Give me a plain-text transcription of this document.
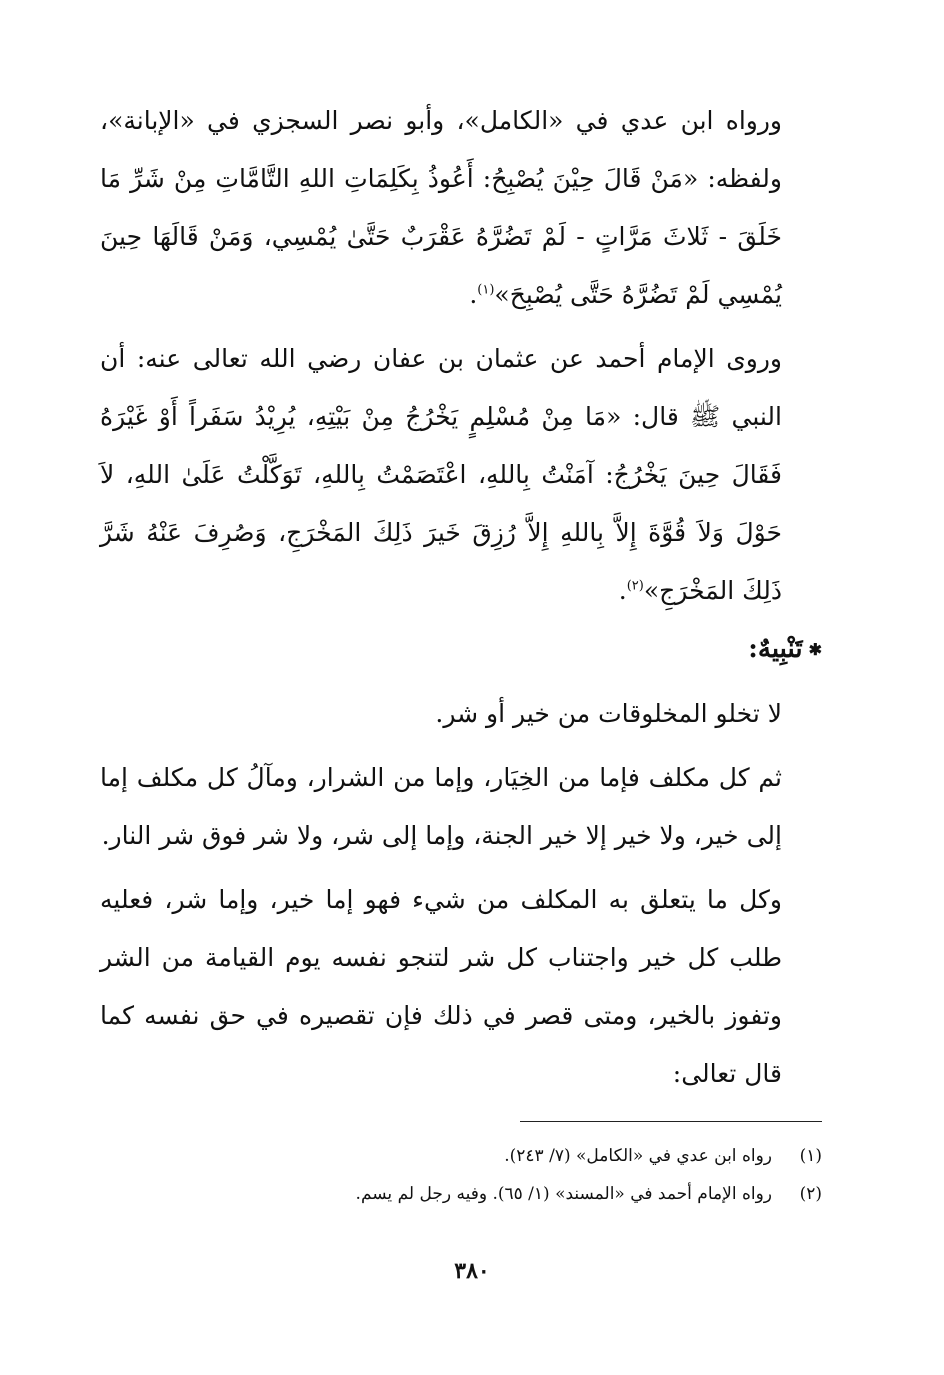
ورواه ابن عدي في «الكامل»، وأبو نصر السجزي في «الإبانة»، ولفظه: «مَنْ قَالَ حِيْنَ يُصْبِحُ: أَعُوذُ بِكَلِمَاتِ اللهِ التَّامَّاتِ مِنْ شَرِّ مَا خَلَقَ - ثَلاثَ مَرَّاتٍ - لَمْ تَضُرَّهُ عَقْرَبٌ حَتَّىٰ يُمْسِي، وَمَنْ قَالَهَا حِينَ يُمْسِي لَمْ تَضُرَّهُ حَتَّى يُصْبِحَ»$^{(١)}$.

وروى الإمام أحمد عن عثمان بن عفان رضي الله تعالى عنه: أن النبي ﷺ قال: «مَا مِنْ مُسْلِمٍ يَخْرُجُ مِنْ بَيْتِهِ، يُرِيْدُ سَفَراً أَوْ غَيْرَهُ فَقَالَ حِينَ يَخْرُجُ: آمَنْتُ بِاللهِ، اعْتَصَمْتُ بِاللهِ، تَوَكَّلْتُ عَلَىٰ اللهِ، لاَ حَوْلَ وَلاَ قُوَّةَ إِلاَّ بِاللهِ إِلاَّ رُزِقَ خَيرَ ذَلِكَ المَخْرَجِ، وَصُرِفَ عَنْهُ شَرَّ ذَلِكَ المَخْرَجِ»$^{(٢)}$.

✱تَنْبِيهٌ:

لا تخلو المخلوقات من خير أو شر.

ثم كل مكلف فإما من الخِيَار، وإما من الشرار، ومآلُ كل مكلف إما إلى خير، ولا خير إلا خير الجنة، وإما إلى شر، ولا شر فوق شر النار.

وكل ما يتعلق به المكلف من شيء فهو إما خير، وإما شر، فعليه طلب كل خير واجتناب كل شر لتنجو نفسه يوم القيامة من الشر وتفوز بالخير، ومتى قصر في ذلك فإن تقصيره في حق نفسه كما قال تعالى:

(١)رواه ابن عدي في «الكامل» (٧/ ٢٤٣).

(٢)رواه الإمام أحمد في «المسند» (١/ ٦٥). وفيه رجل لم يسم.

٣٨٠
